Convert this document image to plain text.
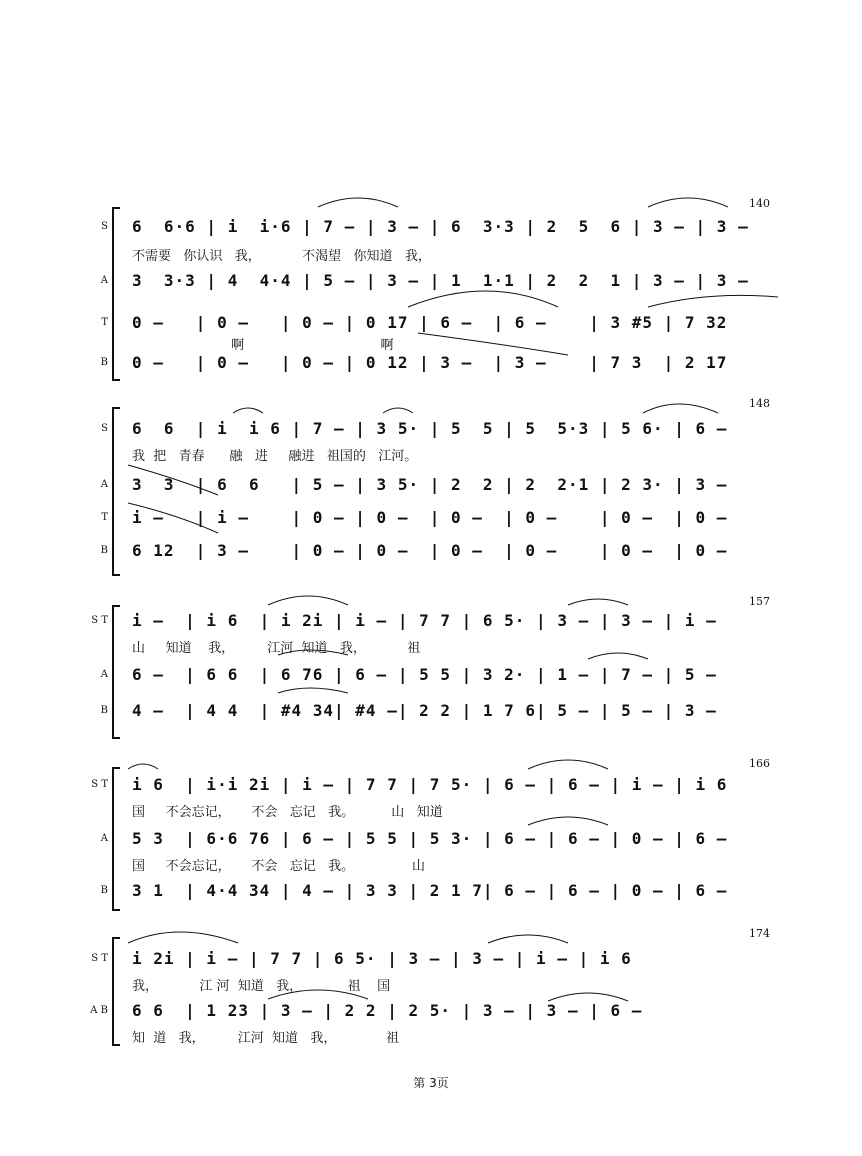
140
S 6  6·6 | i  i·6 | 7 – | 3 – | 6  3·3 | 2  5  6 | 3 – | 3 –
不需要   你认识   我，          不渴望   你知道   我，
A 3  3·3 | 4  4·4 | 5 – | 3 – | 1  1·1 | 2  2  1 | 3 – | 3 –
T 0 –   | 0 –   | 0 – | 0 17 | 6 –  | 6 –    | 3 #5 | 7 32
啊                                 啊
B 0 –   | 0 –   | 0 – | 0 12 | 3 –  | 3 –    | 7 3  | 2 17
148
S 6  6  | i  i 6 | 7 – | 3 5· | 5  5 | 5  5·3 | 5 6· | 6 –
我  把   青春      融   进     融进   祖国的   江河。
A 3  3  | 6  6   | 5 – | 3 5· | 2  2 | 2  2·1 | 2 3· | 3 –
T i –   | i –    | 0 – | 0 –  | 0 –  | 0 –    | 0 –  | 0 –
B 6 12  | 3 –    | 0 – | 0 –  | 0 –  | 0 –    | 0 –  | 0 –
157
S T i –  | i 6  | i 2i | i – | 7 7 | 6 5· | 3 – | 3 – | i –
山     知道    我，        江河  知道   我，          祖
A 6 –  | 6 6  | 6 76 | 6 – | 5 5 | 3 2· | 1 – | 7 – | 5 –
B 4 –  | 4 4  | #4 34| #4 –| 2 2 | 1 7 6| 5 – | 5 – | 3 –
166
S T i 6  | i·i 2i | i – | 7 7 | 7 5· | 6 – | 6 – | i – | i 6
国     不会忘记，     不会   忘记   我。         山   知道
A 5 3  | 6·6 76 | 6 – | 5 5 | 5 3· | 6 – | 6 – | 0 – | 6 –
国     不会忘记，     不会   忘记   我。              山
B 3 1  | 4·4 34 | 4 – | 3 3 | 2 1 7| 6 – | 6 – | 0 – | 6 –
174
S T i 2i | i – | 7 7 | 6 5· | 3 – | 3 – | i – | i 6
我，          江 河  知道   我，           祖    国
A B 6 6  | 1 23 | 3 – | 2 2 | 2 5· | 3 – | 3 – | 6 –
知  道   我，        江河  知道   我，            祖
第 3页
